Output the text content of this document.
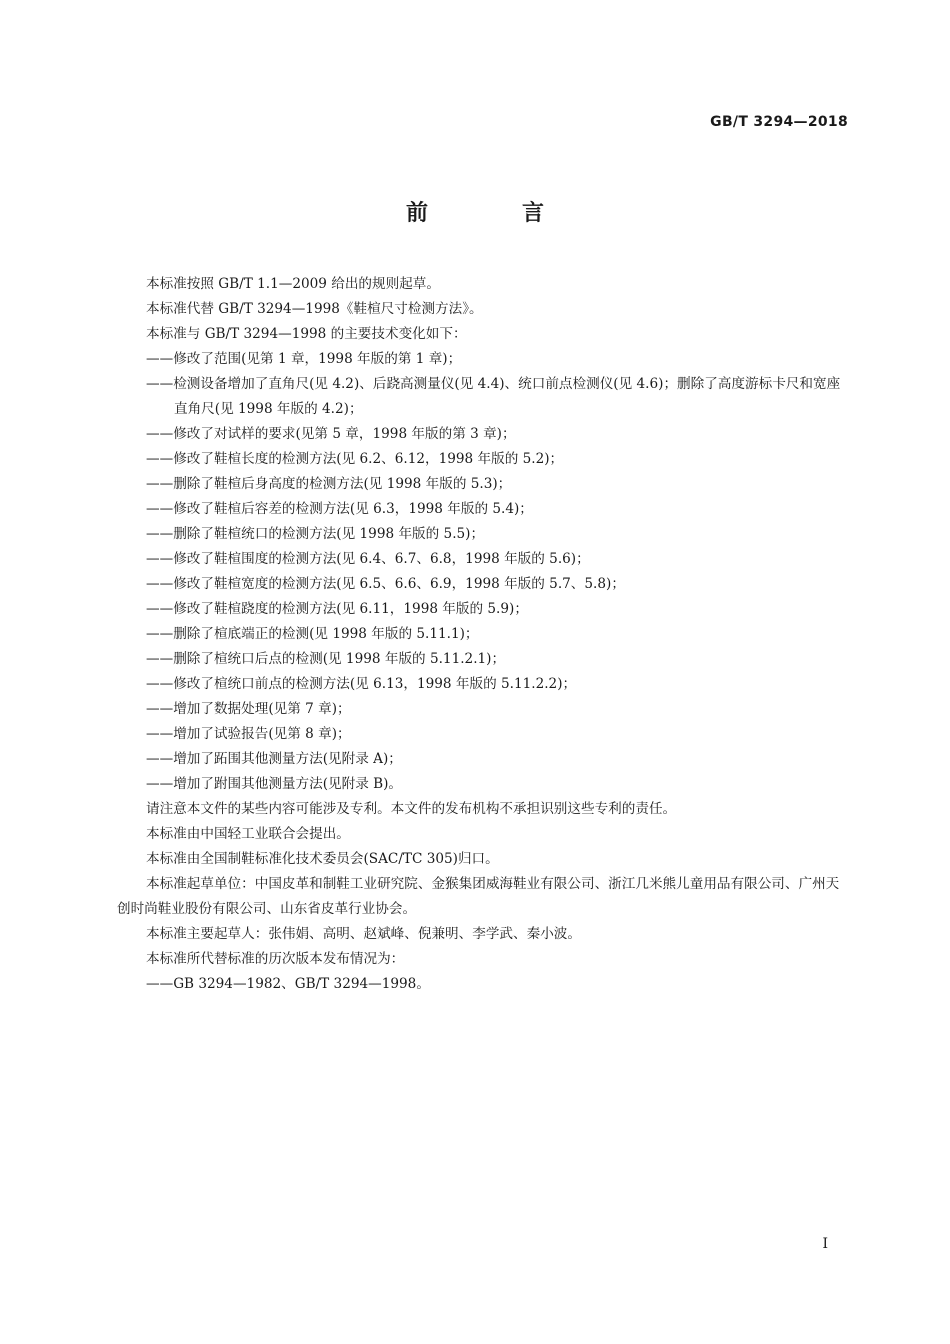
GB/T 3294—2018
前　言

本标准按照 GB/T 1.1—2009 给出的规则起草。

本标准代替 GB/T 3294—1998《鞋楦尺寸检测方法》。

本标准与 GB/T 3294—1998 的主要技术变化如下：

——修改了范围(见第 1 章，1998 年版的第 1 章)；

——检测设备增加了直角尺(见 4.2)、后跷高测量仪(见 4.4)、统口前点检测仪(见 4.6)；删除了高度游标卡尺和宽座直角尺(见 1998 年版的 4.2)；

——修改了对试样的要求(见第 5 章，1998 年版的第 3 章)；

——修改了鞋楦长度的检测方法(见 6.2、6.12，1998 年版的 5.2)；

——删除了鞋楦后身高度的检测方法(见 1998 年版的 5.3)；

——修改了鞋楦后容差的检测方法(见 6.3，1998 年版的 5.4)；

——删除了鞋楦统口的检测方法(见 1998 年版的 5.5)；

——修改了鞋楦围度的检测方法(见 6.4、6.7、6.8，1998 年版的 5.6)；

——修改了鞋楦宽度的检测方法(见 6.5、6.6、6.9，1998 年版的 5.7、5.8)；

——修改了鞋楦跷度的检测方法(见 6.11，1998 年版的 5.9)；

——删除了楦底端正的检测(见 1998 年版的 5.11.1)；

——删除了楦统口后点的检测(见 1998 年版的 5.11.2.1)；

——修改了楦统口前点的检测方法(见 6.13，1998 年版的 5.11.2.2)；

——增加了数据处理(见第 7 章)；

——增加了试验报告(见第 8 章)；

——增加了跖围其他测量方法(见附录 A)；

——增加了跗围其他测量方法(见附录 B)。

请注意本文件的某些内容可能涉及专利。本文件的发布机构不承担识别这些专利的责任。

本标准由中国轻工业联合会提出。

本标准由全国制鞋标准化技术委员会(SAC/TC 305)归口。

本标准起草单位：中国皮革和制鞋工业研究院、金猴集团威海鞋业有限公司、浙江几米熊儿童用品有限公司、广州天创时尚鞋业股份有限公司、山东省皮革行业协会。

本标准主要起草人：张伟娟、高明、赵斌峰、倪兼明、李学武、秦小波。

本标准所代替标准的历次版本发布情况为：

——GB 3294—1982、GB/T 3294—1998。

I
